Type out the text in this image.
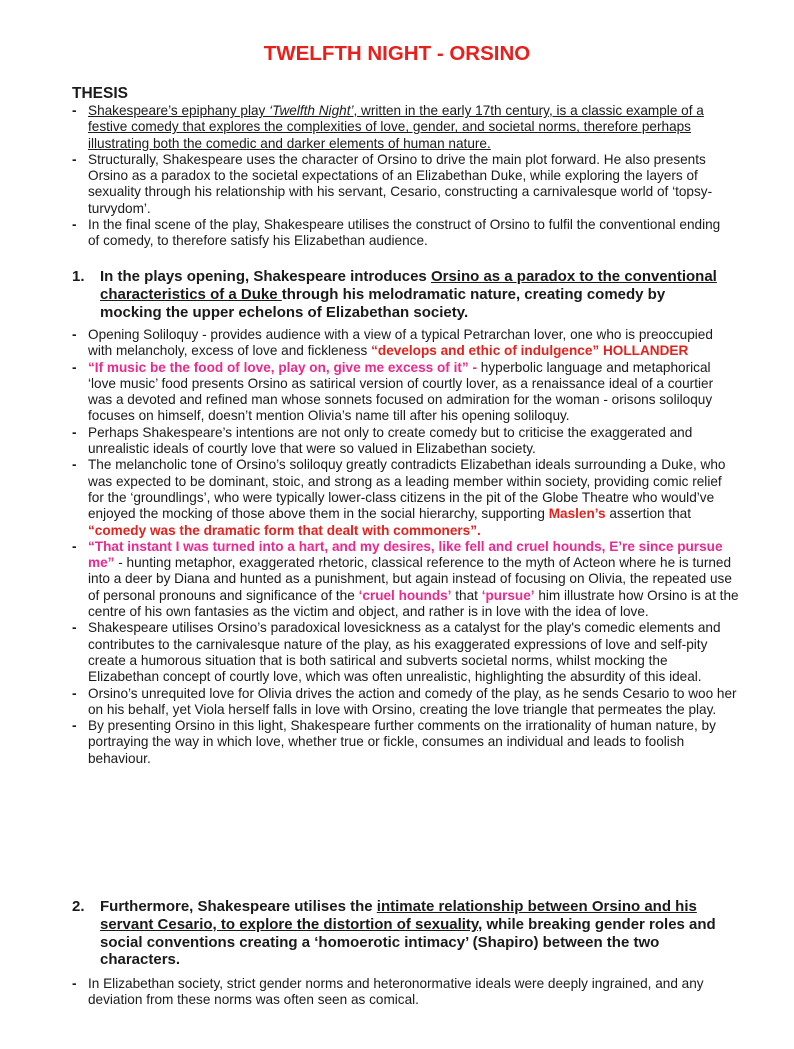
TWELFTH NIGHT - ORSINO
THESIS
- Shakespeare’s epiphany play ‘Twelfth Night’, written in the early 17th century, is a classic example of a festive comedy that explores the complexities of love, gender, and societal norms, therefore perhaps illustrating both the comedic and darker elements of human nature.
- Structurally, Shakespeare uses the character of Orsino to drive the main plot forward. He also presents Orsino as a paradox to the societal expectations of an Elizabethan Duke, while exploring the layers of sexuality through his relationship with his servant, Cesario, constructing a carnivalesque world of ‘topsy-turvydom’.
- In the final scene of the play, Shakespeare utilises the construct of Orsino to fulfil the conventional ending of comedy, to therefore satisfy his Elizabethan audience.
1.	In the plays opening, Shakespeare introduces Orsino as a paradox to the conventional characteristics of a Duke through his melodramatic nature, creating comedy by mocking the upper echelons of Elizabethan society.
- Opening Soliloquy - provides audience with a view of a typical Petrarchan lover, one who is preoccupied with melancholy, excess of love and fickleness “develops and ethic of indulgence” HOLLANDER
- “If music be the food of love, play on, give me excess of it” - hyperbolic language and metaphorical ‘love music’ food presents Orsino as satirical version of courtly lover, as a renaissance ideal of a courtier was a devoted and refined man whose sonnets focused on admiration for the woman - orisons soliloquy focuses on himself, doesn’t mention Olivia’s name till after his opening soliloquy.
- Perhaps Shakespeare’s intentions are not only to create comedy but to criticise the exaggerated and unrealistic ideals of courtly love that were so valued in Elizabethan society.
- The melancholic tone of Orsino’s soliloquy greatly contradicts Elizabethan ideals surrounding a Duke, who was expected to be dominant, stoic, and strong as a leading member within society, providing comic relief for the ‘groundlings’, who were typically lower-class citizens in the pit of the Globe Theatre who would’ve enjoyed the mocking of those above them in the social hierarchy, supporting Maslen’s assertion that “comedy was the dramatic form that dealt with commoners”.
- “That instant I was turned into a hart, and my desires, like fell and cruel hounds, E’re since pursue me” - hunting metaphor, exaggerated rhetoric, classical reference to the myth of Acteon where he is turned into a deer by Diana and hunted as a punishment, but again instead of focusing on Olivia, the repeated use of personal pronouns and significance of the ‘cruel hounds’ that ‘pursue’ him illustrate how Orsino is at the centre of his own fantasies as the victim and object, and rather is in love with the idea of love.
- Shakespeare utilises Orsino’s paradoxical lovesickness as a catalyst for the play's comedic elements and contributes to the carnivalesque nature of the play, as his exaggerated expressions of love and self-pity create a humorous situation that is both satirical and subverts societal norms, whilst mocking the Elizabethan concept of courtly love, which was often unrealistic, highlighting the absurdity of this ideal.
- Orsino’s unrequited love for Olivia drives the action and comedy of the play, as he sends Cesario to woo her on his behalf, yet Viola herself falls in love with Orsino, creating the love triangle that permeates the play.
- By presenting Orsino in this light, Shakespeare further comments on the irrationality of human nature, by portraying the way in which love, whether true or fickle, consumes an individual and leads to foolish behaviour.
2.	Furthermore, Shakespeare utilises the intimate relationship between Orsino and his servant Cesario, to explore the distortion of sexuality, while breaking gender roles and social conventions creating a ‘homoerotic intimacy’ (Shapiro) between the two characters.
- In Elizabethan society, strict gender norms and heteronormative ideals were deeply ingrained, and any deviation from these norms was often seen as comical.
